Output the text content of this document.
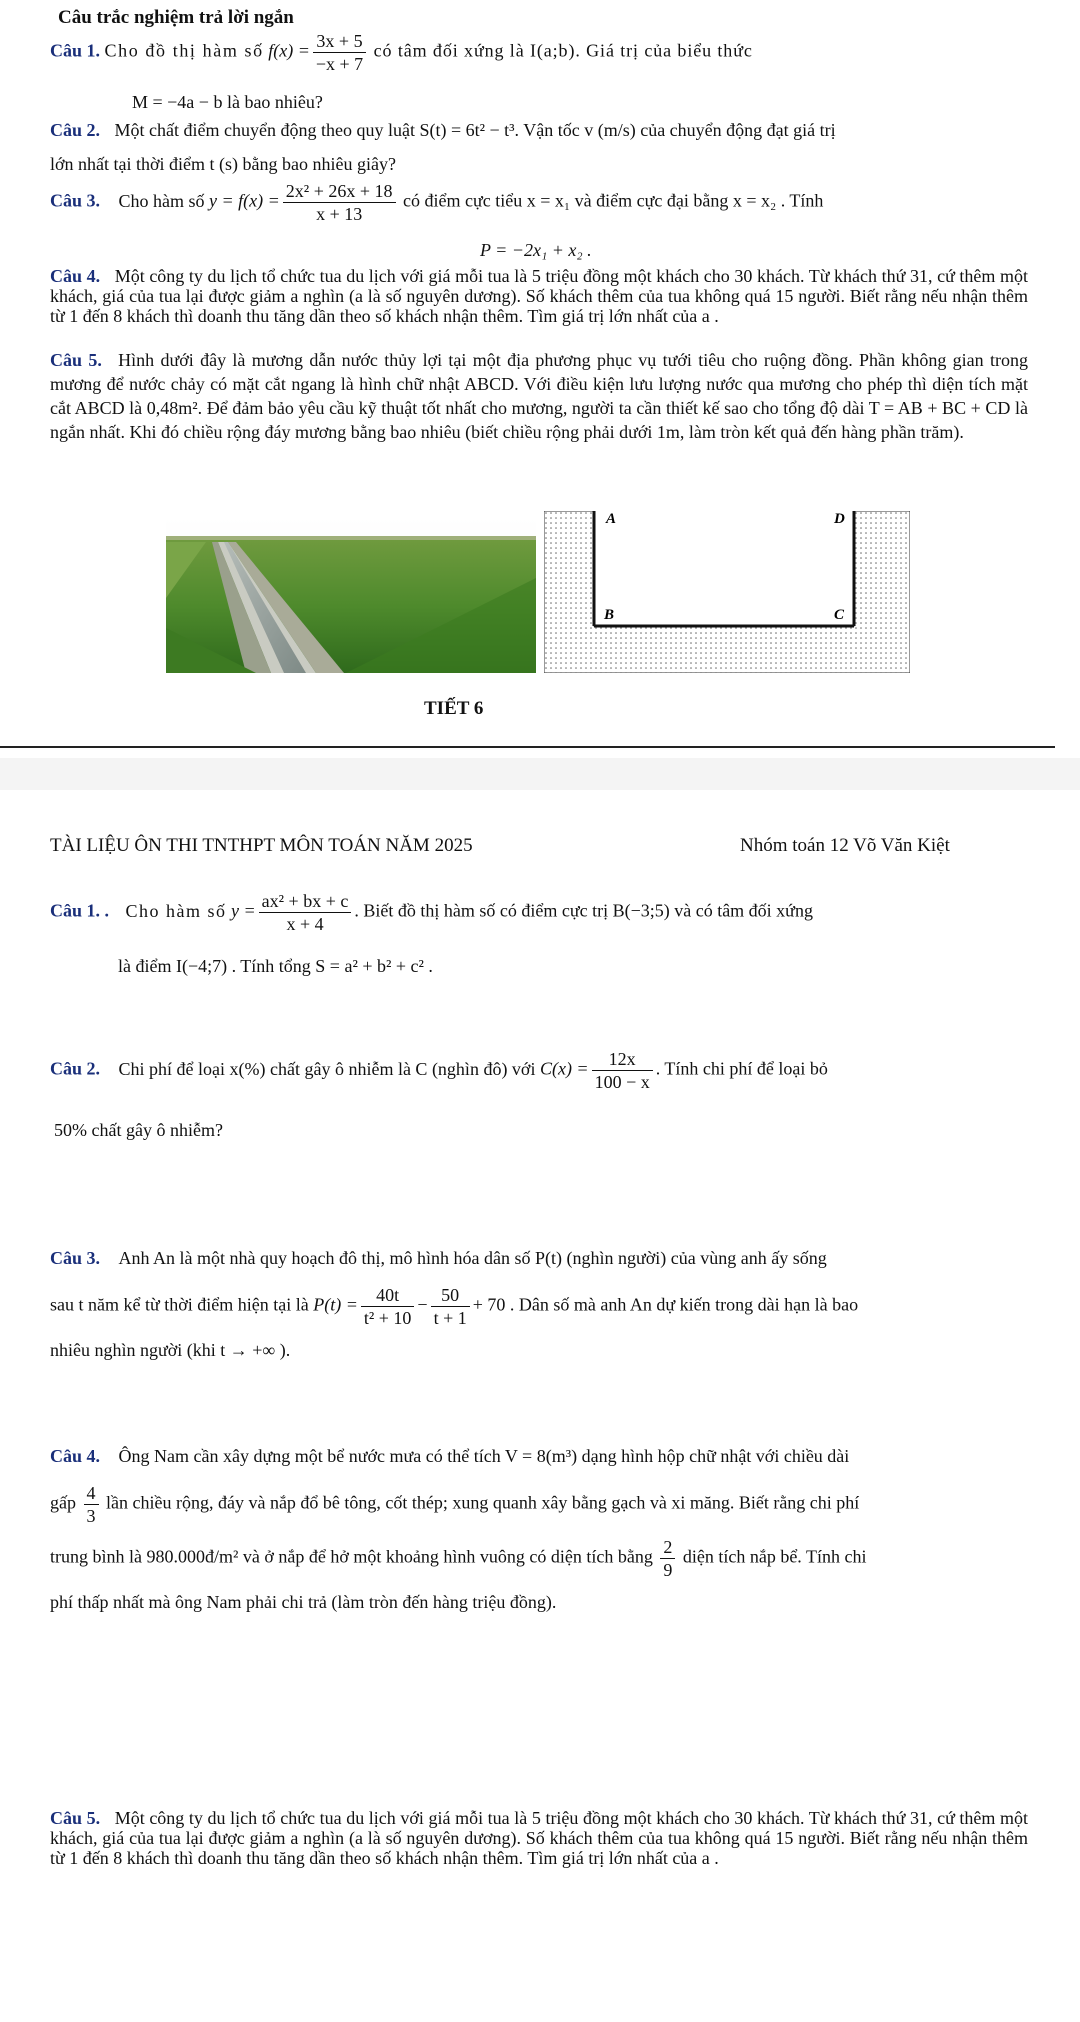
Câu trắc nghiệm trả lời ngắn
Câu 1. Cho đồ thị hàm số $f(x) = \frac{3x + 5}{-x + 7}$ có tâm đối xứng là I(a;b). Giá trị của biểu thức
M = −4a − b là bao nhiêu?
Câu 2. Một chất điểm chuyển động theo quy luật S(t) = 6t² − t³. Vận tốc v (m/s) của chuyển động đạt giá trị
lớn nhất tại thời điểm t (s) bằng bao nhiêu giây?
Câu 3. Cho hàm số $y = f(x) = \frac{\text{2x² + 26x + 18}}{x + 13}$ có điểm cực tiểu x = x₁ và điểm cực đại bằng x = x₂ . Tính
P = −2x₁ + x₂ .
Câu 4. Một công ty du lịch tổ chức tua du lịch với giá mỗi tua là 5 triệu đồng một khách cho 30 khách. Từ khách thứ 31, cứ thêm một khách, giá của tua lại được giảm a nghìn (a là số nguyên dương). Số khách thêm của tua không quá 15 người. Biết rằng nếu nhận thêm từ 1 đến 8 khách thì doanh thu tăng dần theo số khách nhận thêm. Tìm giá trị lớn nhất của a .
Câu 5. Hình dưới đây là mương dẫn nước thủy lợi tại một địa phương phục vụ tưới tiêu cho ruộng đồng. Phần không gian trong mương để nước chảy có mặt cắt ngang là hình chữ nhật ABCD. Với điều kiện lưu lượng nước qua mương cho phép thì diện tích mặt cắt ABCD là 0,48m². Để đảm bảo yêu cầu kỹ thuật tốt nhất cho mương, người ta cần thiết kế sao cho tổng độ dài T = AB + BC + CD là ngắn nhất. Khi đó chiều rộng đáy mương bằng bao nhiêu (biết chiều rộng phải dưới 1m, làm tròn kết quả đến hàng phần trăm).
A	D
B	C
TIẾT 6
TÀI LIỆU ÔN THI TNTHPT MÔN TOÁN NĂM 2025	Nhóm toán 12 Võ Văn Kiệt
Câu 1. . Cho hàm số $y = \frac{\text{ax² + bx + c}}{x + 4}$ . Biết đồ thị hàm số có điểm cực trị B(−3;5) và có tâm đối xứng
là điểm I(−4;7) . Tính tổng S = a² + b² + c² .
Câu 2. Chi phí để loại x(%) chất gây ô nhiễm là C (nghìn đô) với $C(x) = \frac{12x}{100 - x}$ . Tính chi phí để loại bỏ
50% chất gây ô nhiễm?
Câu 3. Anh An là một nhà quy hoạch đô thị, mô hình hóa dân số P(t) (nghìn người) của vùng anh ấy sống
sau t năm kể từ thời điểm hiện tại là $P(t) = \frac{40t}{\text{t² + 10}} - \frac{50}{t + 1} + 70$ . Dân số mà anh An dự kiến trong dài hạn là bao
nhiêu nghìn người (khi t → +∞ ).
Câu 4. Ông Nam cần xây dựng một bể nước mưa có thể tích V = 8(m³) dạng hình hộp chữ nhật với chiều dài
gấp $\frac{4}{3}$ lần chiều rộng, đáy và nắp đổ bê tông, cốt thép; xung quanh xây bằng gạch và xi măng. Biết rằng chi phí
trung bình là 980.000đ/m² và ở nắp để hở một khoảng hình vuông có diện tích bằng $\frac{2}{9}$ diện tích nắp bể. Tính chi
phí thấp nhất mà ông Nam phải chi trả (làm tròn đến hàng triệu đồng).
Câu 5. Một công ty du lịch tổ chức tua du lịch với giá mỗi tua là 5 triệu đồng một khách cho 30 khách. Từ khách thứ 31, cứ thêm một khách, giá của tua lại được giảm a nghìn (a là số nguyên dương). Số khách thêm của tua không quá 15 người. Biết rằng nếu nhận thêm từ 1 đến 8 khách thì doanh thu tăng dần theo số khách nhận thêm. Tìm giá trị lớn nhất của a .
